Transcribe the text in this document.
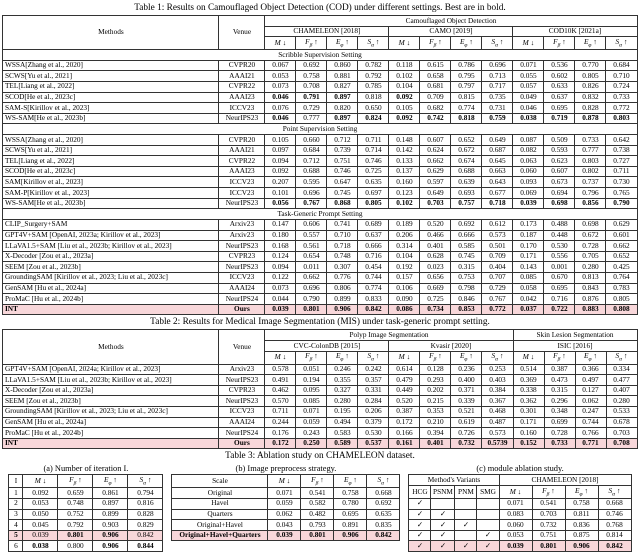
Table 1: Results on Camouflaged Object Detection (COD) under different settings. Best are in bold.
Methods	Venue	Camouflaged Object Detection											
		CHAMELEON [2018]				CAMO [2019]				COD10K [2021a]			
		M ↓	$F_\beta$ ↑	$E_\varphi$ ↑	$S_\alpha$ ↑	M ↓	$F_\beta$ ↑	$E_\varphi$ ↑	$S_\alpha$ ↑	M ↓	$F_\beta$ ↑	$E_\varphi$ ↑	$S_\alpha$ ↑
Scribble Supervision Setting													
WSSA[Zhang et al., 2020]	CVPR20	0.067	0.692	0.860	0.782	0.118	0.615	0.786	0.696	0.071	0.536	0.770	0.684
SCWS[Yu et al., 2021]	AAAI21	0.053	0.758	0.881	0.792	0.102	0.658	0.795	0.713	0.055	0.602	0.805	0.710
TEL[Liang et al., 2022]	CVPR22	0.073	0.708	0.827	0.785	0.104	0.681	0.797	0.717	0.057	0.633	0.826	0.724
SCOD[He et al., 2023c]	AAAI23	0.046	0.791	0.897	0.818	0.092	0.709	0.815	0.735	0.049	0.637	0.832	0.733
SAM-S[Kirillov et al., 2023]	ICCV23	0.076	0.729	0.820	0.650	0.105	0.682	0.774	0.731	0.046	0.695	0.828	0.772
WS-SAM[He et al., 2023b]	NeurIPS23	0.046	0.777	0.897	0.824	0.092	0.742	0.818	0.759	0.038	0.719	0.878	0.803
Point Supervision Setting													
WSSA[Zhang et al., 2020]	CVPR20	0.105	0.660	0.712	0.711	0.148	0.607	0.652	0.649	0.087	0.509	0.733	0.642
SCWS[Yu et al., 2021]	AAAI21	0.097	0.684	0.739	0.714	0.142	0.624	0.672	0.687	0.082	0.593	0.777	0.738
TEL[Liang et al., 2022]	CVPR22	0.094	0.712	0.751	0.746	0.133	0.662	0.674	0.645	0.063	0.623	0.803	0.727
SCOD[He et al., 2023c]	AAAI23	0.092	0.688	0.746	0.725	0.137	0.629	0.688	0.663	0.060	0.607	0.802	0.711
SAM[Kirillov et al., 2023]	ICCV23	0.207	0.595	0.647	0.635	0.160	0.597	0.639	0.643	0.093	0.673	0.737	0.730
SAM-P[Kirillov et al., 2023]	ICCV23	0.101	0.696	0.745	0.697	0.123	0.649	0.693	0.677	0.069	0.694	0.796	0.765
WS-SAM[He et al., 2023b]	NeurIPS23	0.056	0.767	0.868	0.805	0.102	0.703	0.757	0.718	0.039	0.698	0.856	0.790
Task-Generic Prompt Setting													
CLIP_Surgery+SAM	Arxiv23	0.147	0.606	0.741	0.689	0.189	0.520	0.692	0.612	0.173	0.488	0.698	0.629
GPT4V+SAM [OpenAI, 2023a; Kirillov et al., 2023]	Arxiv23	0.180	0.557	0.710	0.637	0.206	0.466	0.666	0.573	0.187	0.448	0.672	0.601
LLaVA1.5+SAM [Liu et al., 2023b; Kirillov et al., 2023]	NeurIPS23	0.168	0.561	0.718	0.666	0.314	0.401	0.585	0.501	0.170	0.530	0.728	0.662
X-Decoder [Zou et al., 2023a]	CVPR23	0.124	0.654	0.748	0.716	0.104	0.628	0.745	0.709	0.171	0.556	0.705	0.652
SEEM [Zou et al., 2023b]	NeurIPS23	0.094	0.011	0.307	0.454	0.192	0.023	0.315	0.404	0.143	0.001	0.280	0.425
GroundingSAM [Kirillov et al., 2023; Liu et al., 2023c]	ICCV23	0.122	0.662	0.776	0.744	0.157	0.656	0.753	0.707	0.085	0.670	0.813	0.764
GenSAM [Hu et al., 2024a]	AAAI24	0.073	0.696	0.806	0.774	0.106	0.669	0.798	0.729	0.058	0.695	0.843	0.783
ProMaC [Hu et al., 2024b]	NeurIPS24	0.044	0.790	0.899	0.833	0.090	0.725	0.846	0.767	0.042	0.716	0.876	0.805
INT	Ours	0.039	0.801	0.906	0.842	0.086	0.734	0.853	0.772	0.037	0.722	0.883	0.808
Table 2: Results for Medical Image Segmentation (MIS) under task-generic prompt setting.
Methods	Venue	Polyp Image Segmentation								Skin Lesion Segmentation			
		CVC-ColonDB [2015]				Kvasir [2020]				ISIC [2016]			
		M ↓	$F_\beta$ ↑	$E_\varphi$ ↑	$S_\alpha$ ↑	M ↓	$F_\beta$ ↑	$E_\varphi$ ↑	$S_\alpha$ ↑	M ↓	$F_\beta$ ↑	$E_\varphi$ ↑	$S_\alpha$ ↑
GPT4V+SAM [OpenAI, 2024a; Kirillov et al., 2023]	Arxiv23	0.578	0.051	0.246	0.242	0.614	0.128	0.236	0.253	0.514	0.387	0.366	0.334
LLaVA1.5+SAM [Liu et al., 2023b; Kirillov et al., 2023]	NeurIPS23	0.491	0.194	0.355	0.357	0.479	0.293	0.400	0.403	0.369	0.473	0.497	0.477
X-Decoder [Zou et al., 2023a]	CVPR23	0.462	0.095	0.327	0.331	0.449	0.202	0.371	0.384	0.338	0.315	0.127	0.407
SEEM [Zou et al., 2023b]	NeurIPS23	0.570	0.085	0.280	0.284	0.520	0.215	0.339	0.367	0.362	0.296	0.062	0.280
GroundingSAM [Kirillov et al., 2023; Liu et al., 2023c]	ICCV23	0.711	0.071	0.195	0.206	0.387	0.353	0.521	0.468	0.301	0.348	0.247	0.533
GenSAM [Hu et al., 2024a]	AAAI24	0.244	0.059	0.494	0.379	0.172	0.210	0.619	0.487	0.171	0.699	0.744	0.678
ProMaC [Hu et al., 2024b]	NeurIPS24	0.176	0.243	0.583	0.530	0.166	0.394	0.726	0.573	0.160	0.728	0.766	0.703
INT	Ours	0.172	0.250	0.589	0.537	0.161	0.401	0.732	0.5739	0.152	0.733	0.771	0.708
Table 3: Ablation study on CHAMELEON dataset.
(a) Number of iteration I.
I	M ↓	$F_\beta$ ↑	$E_\varphi$ ↑	$S_\alpha$ ↑
1	0.092	0.659	0.861	0.794
2	0.053	0.748	0.897	0.816
3	0.050	0.752	0.899	0.828
4	0.045	0.792	0.903	0.829
5	0.039	0.801	0.906	0.842
6	0.038	0.800	0.906	0.844
(b) Image preprocess strategy.
Scale	M ↓	$F_\beta$ ↑	$E_\varphi$ ↑	$S_\alpha$ ↑
Original	0.071	0.541	0.758	0.668
Havel	0.059	0.582	0.780	0.692
Quarters	0.062	0.482	0.695	0.635
Original+Havel	0.043	0.793	0.891	0.835
Original+Havel+Quarters	0.039	0.801	0.906	0.842
(c) module ablation study.
Method's Variants				CHAMELEON [2018]			
HCG	PSNM	PNM	SMG	M ↓	$F_\beta$ ↑	$E_\varphi$ ↑	$S_\alpha$ ↑
✓				0.071	0.541	0.758	0.668
✓	✓			0.083	0.703	0.811	0.746
✓	✓	✓		0.060	0.732	0.836	0.768
✓	✓		✓	0.053	0.751	0.875	0.814
✓	✓	✓	✓	0.039	0.801	0.906	0.842
